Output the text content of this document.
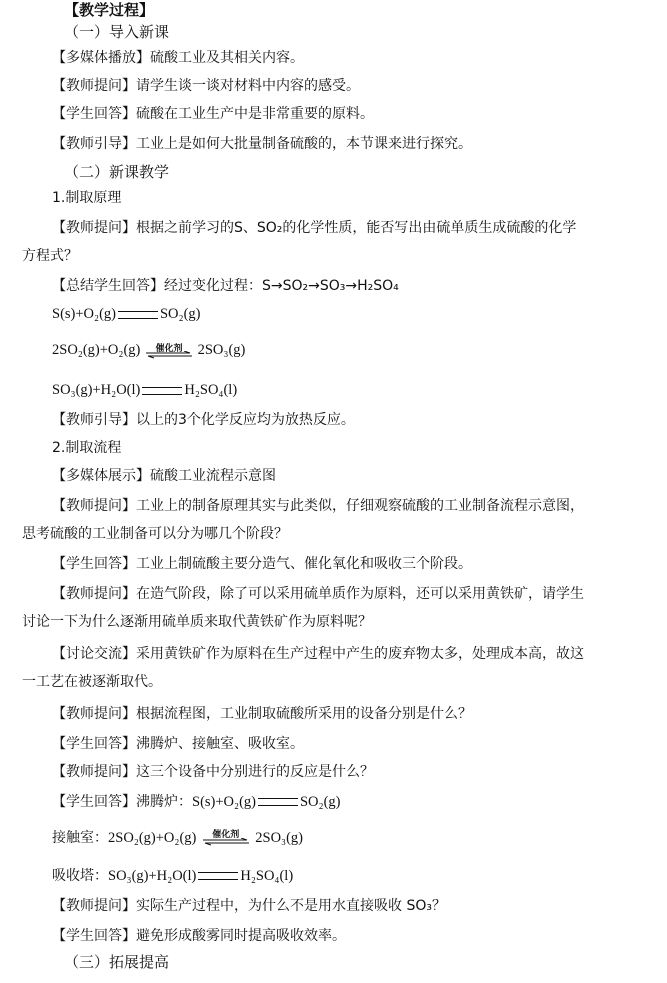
【教学过程】
（一）导入新课
【多媒体播放】硫酸工业及其相关内容。
【教师提问】请学生谈一谈对材料中内容的感受。
【学生回答】硫酸在工业生产中是非常重要的原料。
【教师引导】工业上是如何大批量制备硫酸的，本节课来进行探究。
（二）新课教学
1.制取原理
【教师提问】根据之前学习的S、SO₂的化学性质，能否写出由硫单质生成硫酸的化学
方程式？
【总结学生回答】经过变化过程：S→SO₂→SO₃→H₂SO₄
S(s)+O₂(g)	SO₂(g)
2SO₂(g)+O₂(g)	催化剂	2SO₃(g)
SO₃(g)+H₂O(l)	H₂SO₄(l)
【教师引导】以上的3个化学反应均为放热反应。
2.制取流程
【多媒体展示】硫酸工业流程示意图
【教师提问】工业上的制备原理其实与此类似，仔细观察硫酸的工业制备流程示意图，
思考硫酸的工业制备可以分为哪几个阶段？
【学生回答】工业上制硫酸主要分造气、催化氧化和吸收三个阶段。
【教师提问】在造气阶段，除了可以采用硫单质作为原料，还可以采用黄铁矿，请学生
讨论一下为什么逐渐用硫单质来取代黄铁矿作为原料呢？
【讨论交流】采用黄铁矿作为原料在生产过程中产生的废弃物太多，处理成本高，故这
一工艺在被逐渐取代。
【教师提问】根据流程图，工业制取硫酸所采用的设备分别是什么？
【学生回答】沸腾炉、接触室、吸收室。
【教师提问】这三个设备中分别进行的反应是什么？
【学生回答】沸腾炉：S(s)+O₂(g)	SO₂(g)
接触室：2SO₂(g)+O₂(g)	催化剂	2SO₃(g)
吸收塔：SO₃(g)+H₂O(l)	H₂SO₄(l)
【教师提问】实际生产过程中，为什么不是用水直接吸收 SO₃？
【学生回答】避免形成酸雾同时提高吸收效率。
（三）拓展提高
